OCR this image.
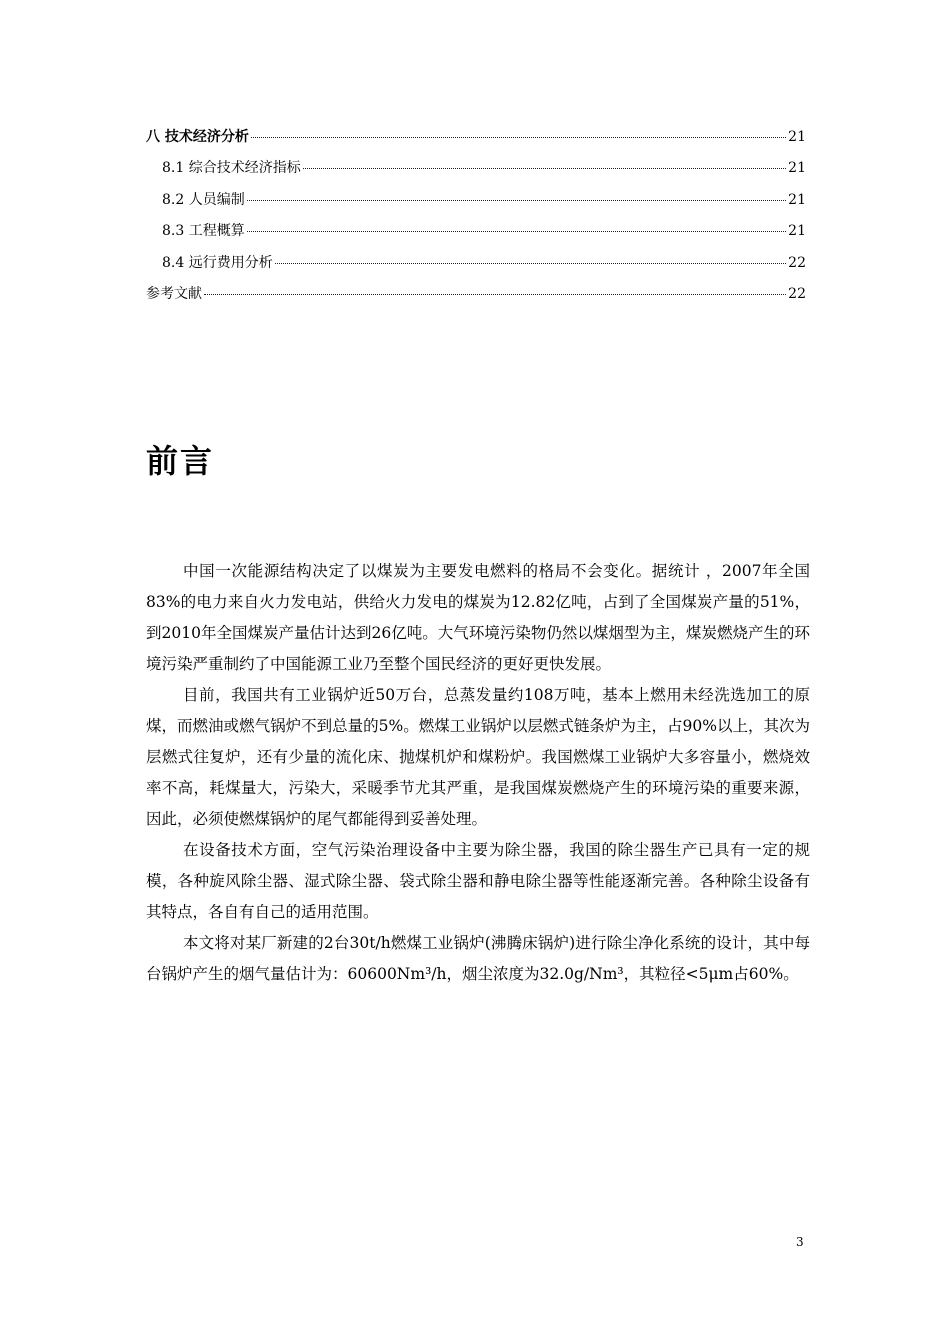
八 技术经济分析	21
8.1 综合技术经济指标	21
8.2 人员编制	21
8.3 工程概算	21
8.4 远行费用分析	22
参考文献	22
前言

中国一次能源结构决定了以煤炭为主要发电燃料的格局不会变化。据统计 ，2007年全国83%的电力来自火力发电站，供给火力发电的煤炭为12.82亿吨，占到了全国煤炭产量的51%，到2010年全国煤炭产量估计达到26亿吨。大气环境污染物仍然以煤烟型为主，煤炭燃烧产生的环境污染严重制约了中国能源工业乃至整个国民经济的更好更快发展。

目前，我国共有工业锅炉近50万台，总蒸发量约108万吨，基本上燃用未经洗选加工的原煤，而燃油或燃气锅炉不到总量的5%。燃煤工业锅炉以层燃式链条炉为主，占90%以上，其次为层燃式往复炉，还有少量的流化床、抛煤机炉和煤粉炉。我国燃煤工业锅炉大多容量小，燃烧效率不高，耗煤量大，污染大，采暖季节尤其严重，是我国煤炭燃烧产生的环境污染的重要来源，因此，必须使燃煤锅炉的尾气都能得到妥善处理。

在设备技术方面，空气污染治理设备中主要为除尘器，我国的除尘器生产已具有一定的规模，各种旋风除尘器、湿式除尘器、袋式除尘器和静电除尘器等性能逐渐完善。各种除尘设备有其特点，各自有自己的适用范围。

本文将对某厂新建的2台30t/h燃煤工业锅炉(沸腾床锅炉)进行除尘净化系统的设计，其中每台锅炉产生的烟气量估计为：60600Nm³/h，烟尘浓度为32.0g/Nm³，其粒径<5μm占60%。

3
